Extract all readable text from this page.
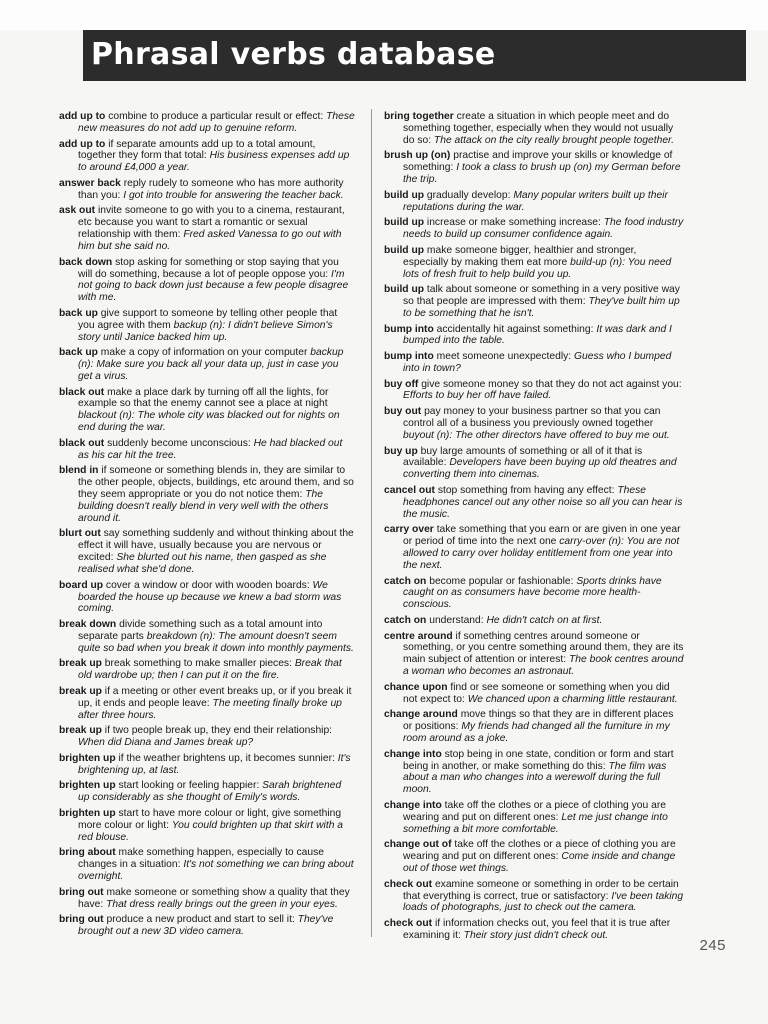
Phrasal verbs database

add up to combine to produce a particular result or effect: These new measures do not add up to genuine reform.

add up to if separate amounts add up to a total amount, together they form that total: His business expenses add up to around £4,000 a year.

answer back reply rudely to someone who has more authority than you: I got into trouble for answering the teacher back.

ask out invite someone to go with you to a cinema, restaurant, etc because you want to start a romantic or sexual relationship with them: Fred asked Vanessa to go out with him but she said no.

back down stop asking for something or stop saying that you will do something, because a lot of people oppose you: I'm not going to back down just because a few people disagree with me.

back up give support to someone by telling other people that you agree with them backup (n): I didn't believe Simon's story until Janice backed him up.

back up make a copy of information on your computer backup (n): Make sure you back all your data up, just in case you get a virus.

black out make a place dark by turning off all the lights, for example so that the enemy cannot see a place at night blackout (n): The whole city was blacked out for nights on end during the war.

black out suddenly become unconscious: He had blacked out as his car hit the tree.

blend in if someone or something blends in, they are similar to the other people, objects, buildings, etc around them, and so they seem appropriate or you do not notice them: The building doesn't really blend in very well with the others around it.

blurt out say something suddenly and without thinking about the effect it will have, usually because you are nervous or excited: She blurted out his name, then gasped as she realised what she'd done.

board up cover a window or door with wooden boards: We boarded the house up because we knew a bad storm was coming.

break down divide something such as a total amount into separate parts breakdown (n): The amount doesn't seem quite so bad when you break it down into monthly payments.

break up break something to make smaller pieces: Break that old wardrobe up; then I can put it on the fire.

break up if a meeting or other event breaks up, or if you break it up, it ends and people leave: The meeting finally broke up after three hours.

break up if two people break up, they end their relationship: When did Diana and James break up?

brighten up if the weather brightens up, it becomes sunnier: It's brightening up, at last.

brighten up start looking or feeling happier: Sarah brightened up considerably as she thought of Emily's words.

brighten up start to have more colour or light, give something more colour or light: You could brighten up that skirt with a red blouse.

bring about make something happen, especially to cause changes in a situation: It's not something we can bring about overnight.

bring out make someone or something show a quality that they have: That dress really brings out the green in your eyes.

bring out produce a new product and start to sell it: They've brought out a new 3D video camera.

bring together create a situation in which people meet and do something together, especially when they would not usually do so: The attack on the city really brought people together.

brush up (on) practise and improve your skills or knowledge of something: I took a class to brush up (on) my German before the trip.

build up gradually develop: Many popular writers built up their reputations during the war.

build up increase or make something increase: The food industry needs to build up consumer confidence again.

build up make someone bigger, healthier and stronger, especially by making them eat more build-up (n): You need lots of fresh fruit to help build you up.

build up talk about someone or something in a very positive way so that people are impressed with them: They've built him up to be something that he isn't.

bump into accidentally hit against something: It was dark and I bumped into the table.

bump into meet someone unexpectedly: Guess who I bumped into in town?

buy off give someone money so that they do not act against you: Efforts to buy her off have failed.

buy out pay money to your business partner so that you can control all of a business you previously owned together buyout (n): The other directors have offered to buy me out.

buy up buy large amounts of something or all of it that is available: Developers have been buying up old theatres and converting them into cinemas.

cancel out stop something from having any effect: These headphones cancel out any other noise so all you can hear is the music.

carry over take something that you earn or are given in one year or period of time into the next one carry-over (n): You are not allowed to carry over holiday entitlement from one year into the next.

catch on become popular or fashionable: Sports drinks have caught on as consumers have become more health-conscious.

catch on understand: He didn't catch on at first.

centre around if something centres around someone or something, or you centre something around them, they are its main subject of attention or interest: The book centres around a woman who becomes an astronaut.

chance upon find or see someone or something when you did not expect to: We chanced upon a charming little restaurant.

change around move things so that they are in different places or positions: My friends had changed all the furniture in my room around as a joke.

change into stop being in one state, condition or form and start being in another, or make something do this: The film was about a man who changes into a werewolf during the full moon.

change into take off the clothes or a piece of clothing you are wearing and put on different ones: Let me just change into something a bit more comfortable.

change out of take off the clothes or a piece of clothing you are wearing and put on different ones: Come inside and change out of those wet things.

check out examine someone or something in order to be certain that everything is correct, true or satisfactory: I've been taking loads of photographs, just to check out the camera.

check out if information checks out, you feel that it is true after examining it: Their story just didn't check out.

245
